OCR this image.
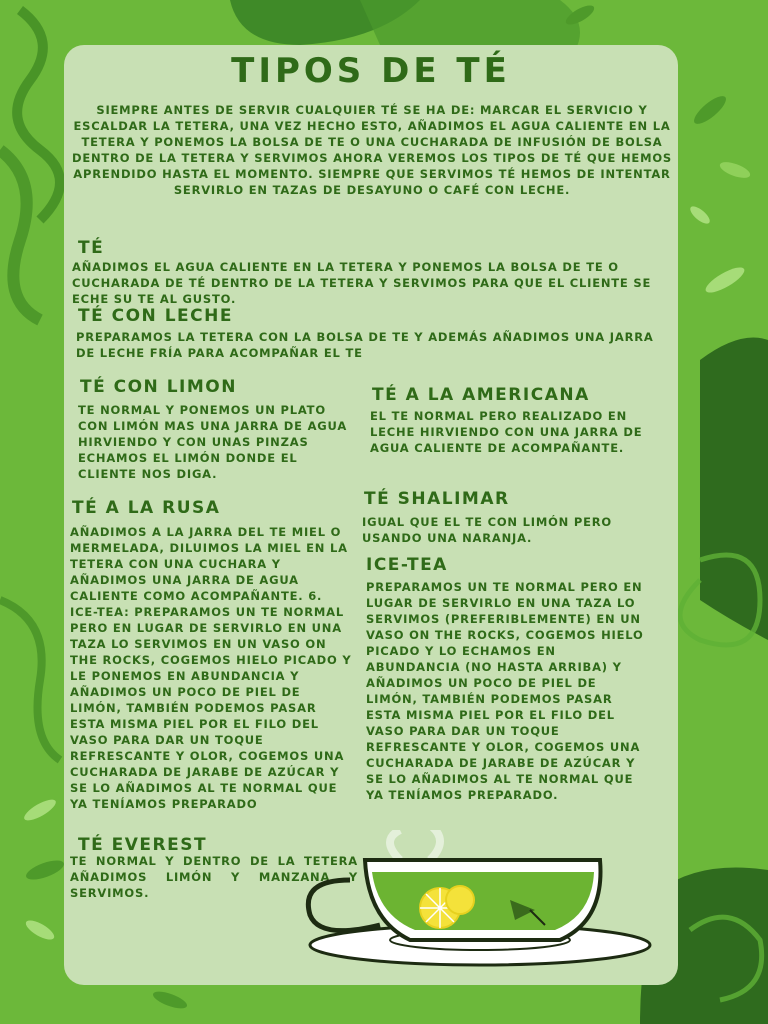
TIPOS DE TÉ

SIEMPRE ANTES DE SERVIR CUALQUIER TÉ SE HA DE: MARCAR EL SERVICIO Y ESCALDAR LA TETERA, UNA VEZ HECHO ESTO, AÑADIMOS EL AGUA CALIENTE EN LA TETERA Y PONEMOS LA BOLSA DE TE O UNA CUCHARADA DE INFUSIÓN DE BOLSA DENTRO DE LA TETERA Y SERVIMOS AHORA VEREMOS LOS TIPOS DE TÉ QUE HEMOS APRENDIDO HASTA EL MOMENTO. SIEMPRE QUE SERVIMOS TÉ HEMOS DE INTENTAR SERVIRLO EN TAZAS DE DESAYUNO O CAFÉ CON LECHE.

TÉ

AÑADIMOS EL AGUA CALIENTE EN LA TETERA Y PONEMOS LA BOLSA DE TE O CUCHARADA DE TÉ DENTRO DE LA TETERA Y SERVIMOS PARA QUE EL CLIENTE SE ECHE SU TE AL GUSTO.

TÉ CON LECHE

PREPARAMOS LA TETERA CON LA BOLSA DE TE Y ADEMÁS AÑADIMOS UNA JARRA DE LECHE FRÍA PARA ACOMPAÑAR EL TE

TÉ CON LIMON

TE NORMAL Y PONEMOS UN PLATO CON LIMÓN MAS UNA JARRA DE AGUA HIRVIENDO Y CON UNAS PINZAS ECHAMOS EL LIMÓN DONDE EL CLIENTE NOS DIGA.

TÉ A LA AMERICANA

EL TE NORMAL PERO REALIZADO EN LECHE HIRVIENDO CON UNA JARRA DE AGUA CALIENTE DE ACOMPAÑANTE.

TÉ A LA RUSA

AÑADIMOS A LA JARRA DEL TE MIEL O MERMELADA, DILUIMOS LA MIEL EN LA TETERA CON UNA CUCHARA Y AÑADIMOS UNA JARRA DE AGUA CALIENTE COMO ACOMPAÑANTE. 6. ICE-TEA: PREPARAMOS UN TE NORMAL PERO EN LUGAR DE SERVIRLO EN UNA TAZA LO SERVIMOS EN UN VASO ON THE ROCKS, COGEMOS HIELO PICADO Y LE PONEMOS EN ABUNDANCIA Y AÑADIMOS UN POCO DE PIEL DE LIMÓN, TAMBIÉN PODEMOS PASAR ESTA MISMA PIEL POR EL FILO DEL VASO PARA DAR UN TOQUE REFRESCANTE Y OLOR, COGEMOS UNA CUCHARADA DE JARABE DE AZÚCAR Y SE LO AÑADIMOS AL TE NORMAL QUE YA TENÍAMOS PREPARADO

TÉ SHALIMAR

IGUAL QUE EL TE CON LIMÓN PERO USANDO UNA NARANJA.

ICE-TEA

PREPARAMOS UN TE NORMAL PERO EN LUGAR DE SERVIRLO EN UNA TAZA LO SERVIMOS (PREFERIBLEMENTE) EN UN VASO ON THE ROCKS, COGEMOS HIELO PICADO Y LO ECHAMOS EN ABUNDANCIA (NO HASTA ARRIBA) Y AÑADIMOS UN POCO DE PIEL DE LIMÓN, TAMBIÉN PODEMOS PASAR ESTA MISMA PIEL POR EL FILO DEL VASO PARA DAR UN TOQUE REFRESCANTE Y OLOR, COGEMOS UNA CUCHARADA DE JARABE DE AZÚCAR Y SE LO AÑADIMOS AL TE NORMAL QUE YA TENÍAMOS PREPARADO.

TÉ EVEREST

TE NORMAL Y DENTRO DE LA TETERA AÑADIMOS LIMÓN Y MANZANA Y SERVIMOS.
